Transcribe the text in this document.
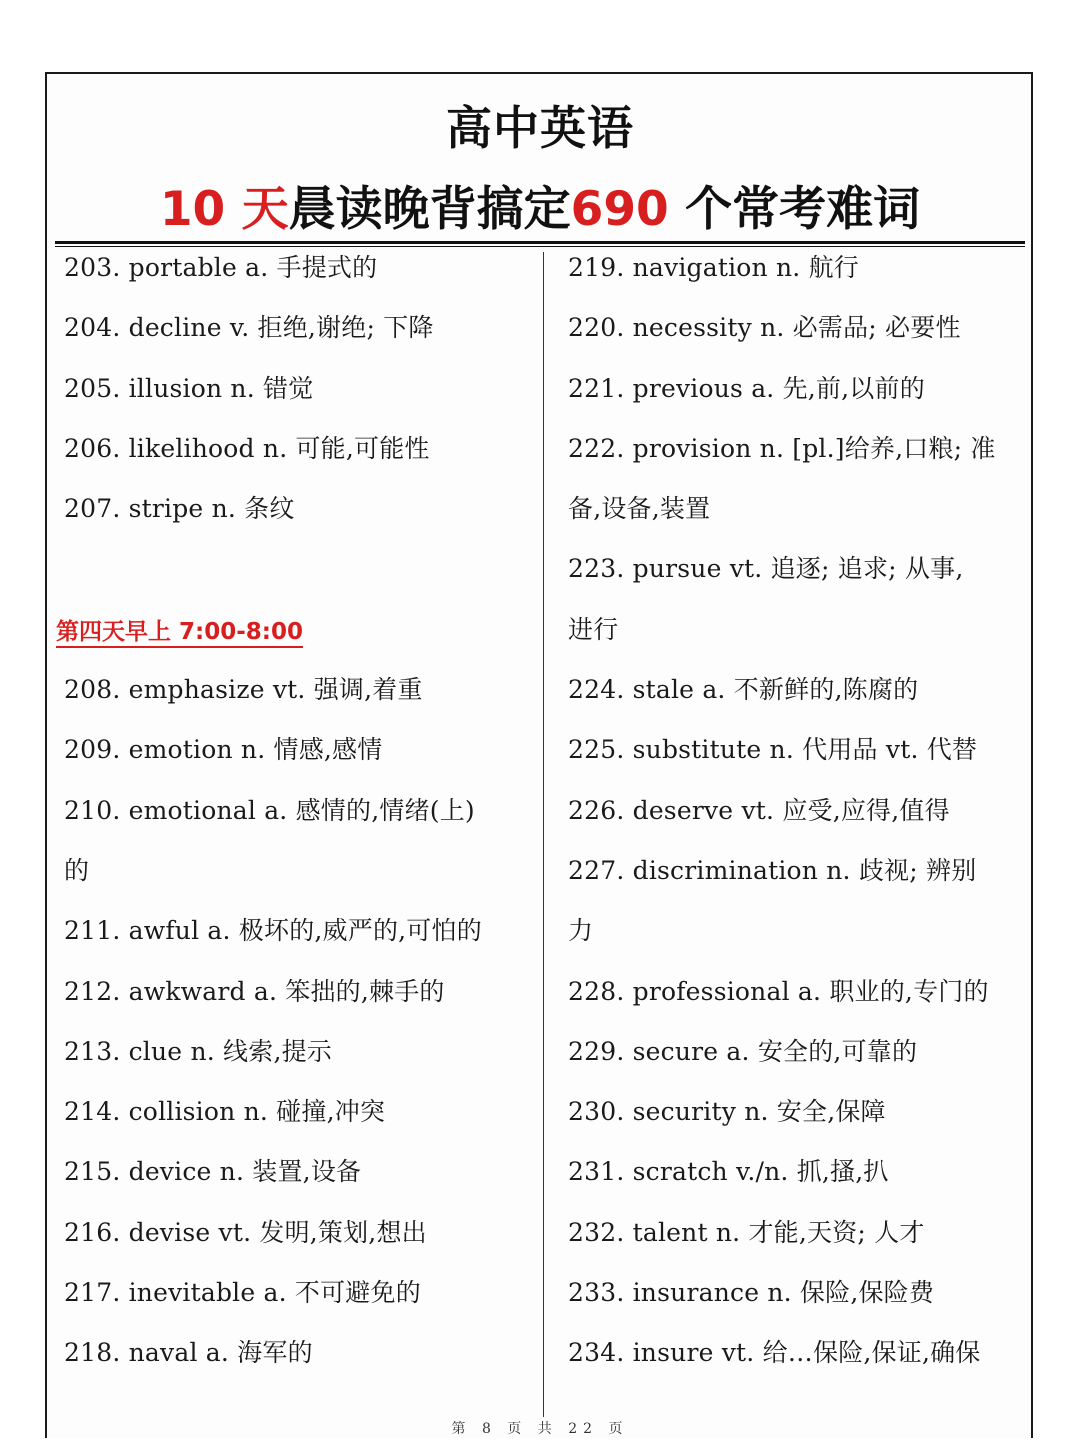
高中英语
10 天晨读晚背搞定690 个常考难词
203. portable a. 手提式的
204. decline v. 拒绝,谢绝; 下降
205. illusion n. 错觉
206. likelihood n. 可能,可能性
207. stripe n. 条纹
第四天早上 7:00-8:00
208. emphasize vt. 强调,着重
209. emotion n. 情感,感情
210. emotional a. 感情的,情绪(上)
的
211. awful a. 极坏的,威严的,可怕的
212. awkward a. 笨拙的,棘手的
213. clue n. 线索,提示
214. collision n. 碰撞,冲突
215. device n. 装置,设备
216. devise vt. 发明,策划,想出
217. inevitable a. 不可避免的
218. naval a. 海军的
219. navigation n. 航行
220. necessity n. 必需品; 必要性
221. previous a. 先,前,以前的
222. provision n. [pl.]给养,口粮; 准
备,设备,装置
223. pursue vt. 追逐; 追求; 从事,
进行
224. stale a. 不新鲜的,陈腐的
225. substitute n. 代用品 vt. 代替
226. deserve vt. 应受,应得,值得
227. discrimination n. 歧视; 辨别
力
228. professional a. 职业的,专门的
229. secure a. 安全的,可靠的
230. security n. 安全,保障
231. scratch v./n. 抓,搔,扒
232. talent n. 才能,天资; 人才
233. insurance n. 保险,保险费
234. insure vt. 给…保险,保证,确保
第 8 页 共 22 页
